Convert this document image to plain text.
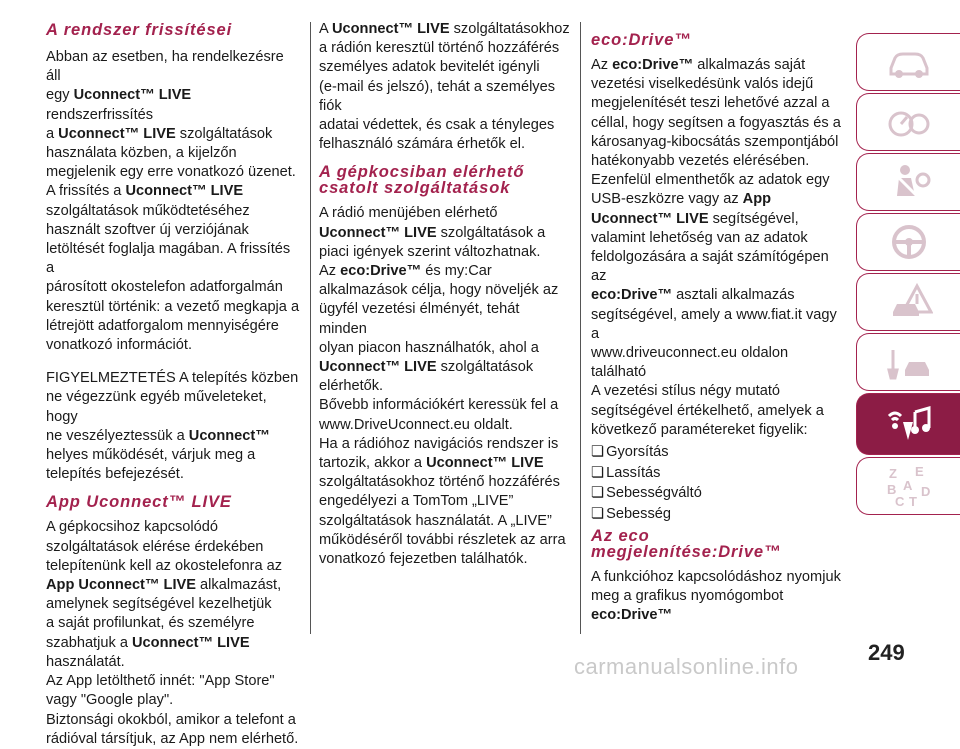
A rendszer frissítései

Abban az esetben, ha rendelkezésre áll
egy Uconnect™ LIVE rendszerfrissítés
a Uconnect™ LIVE szolgáltatások
használata közben, a kijelzőn
megjelenik egy erre vonatkozó üzenet.
A frissítés a Uconnect™ LIVE
szolgáltatások működtetéséhez
használt szoftver új verziójának
letöltését foglalja magában. A frissítés a
párosított okostelefon adatforgalmán
keresztül történik: a vezető megkapja a
létrejött adatforgalom mennyiségére
vonatkozó információt.

FIGYELMEZTETÉS A telepítés közben
ne végezzünk egyéb műveleteket, hogy
ne veszélyeztessük a Uconnect™
helyes működését, várjuk meg a
telepítés befejezését.

App Uconnect™ LIVE

A gépkocsihoz kapcsolódó
szolgáltatások elérése érdekében
telepítenünk kell az okostelefonra az
App Uconnect™ LIVE alkalmazást,
amelynek segítségével kezelhetjük
a saját profilunkat, és személyre
szabhatjuk a Uconnect™ LIVE
használatát.
Az App letölthető innét: "App Store"
vagy "Google play".
Biztonsági okokból, amikor a telefont a
rádióval társítjuk, az App nem elérhető.

A Uconnect™ LIVE szolgáltatásokhoz
a rádión keresztül történő hozzáférés
személyes adatok bevitelét igényli
(e-mail és jelszó), tehát a személyes fiók
adatai védettek, és csak a tényleges
felhasználó számára érhetők el.

A gépkocsiban elérhető csatolt szolgáltatások

A rádió menüjében elérhető
Uconnect™ LIVE szolgáltatások a
piaci igények szerint változhatnak.
Az eco:Drive™ és my:Car
alkalmazások célja, hogy növeljék az
ügyfél vezetési élményét, tehát minden
olyan piacon használhatók, ahol a
Uconnect™ LIVE szolgáltatások
elérhetők.
Bővebb információkért keressük fel a
www.DriveUconnect.eu oldalt.
Ha a rádióhoz navigációs rendszer is
tartozik, akkor a Uconnect™ LIVE
szolgáltatásokhoz történő hozzáférés
engedélyezi a TomTom „LIVE”
szolgáltatások használatát. A „LIVE”
működéséről további részletek az arra
vonatkozó fejezetben találhatók.

eco:Drive™

Az eco:Drive™ alkalmazás saját
vezetési viselkedésünk valós idejű
megjelenítését teszi lehetővé azzal a
céllal, hogy segítsen a fogyasztás és a
károsanyag-kibocsátás szempontjából
hatékonyabb vezetés elérésében.
Ezenfelül elmenthetők az adatok egy
USB-eszközre vagy az App
Uconnect™ LIVE segítségével,
valamint lehetőség van az adatok
feldolgozására a saját számítógépen az
eco:Drive™ asztali alkalmazás
segítségével, amely a www.fiat.it vagy a
www.driveuconnect.eu oldalon
található
A vezetési stílus négy mutató
segítségével értékelhető, amelyek a
következő paramétereket figyelik:

❏ Gyorsítás
❏ Lassítás
❏ Sebességváltó
❏ Sebesség
Az eco megjelenítése:Drive™

A funkcióhoz kapcsolódáshoz nyomjuk
meg a grafikus nyomógombot
eco:Drive™

Z E
B A
C T
D
249
carmanualsonline.info
